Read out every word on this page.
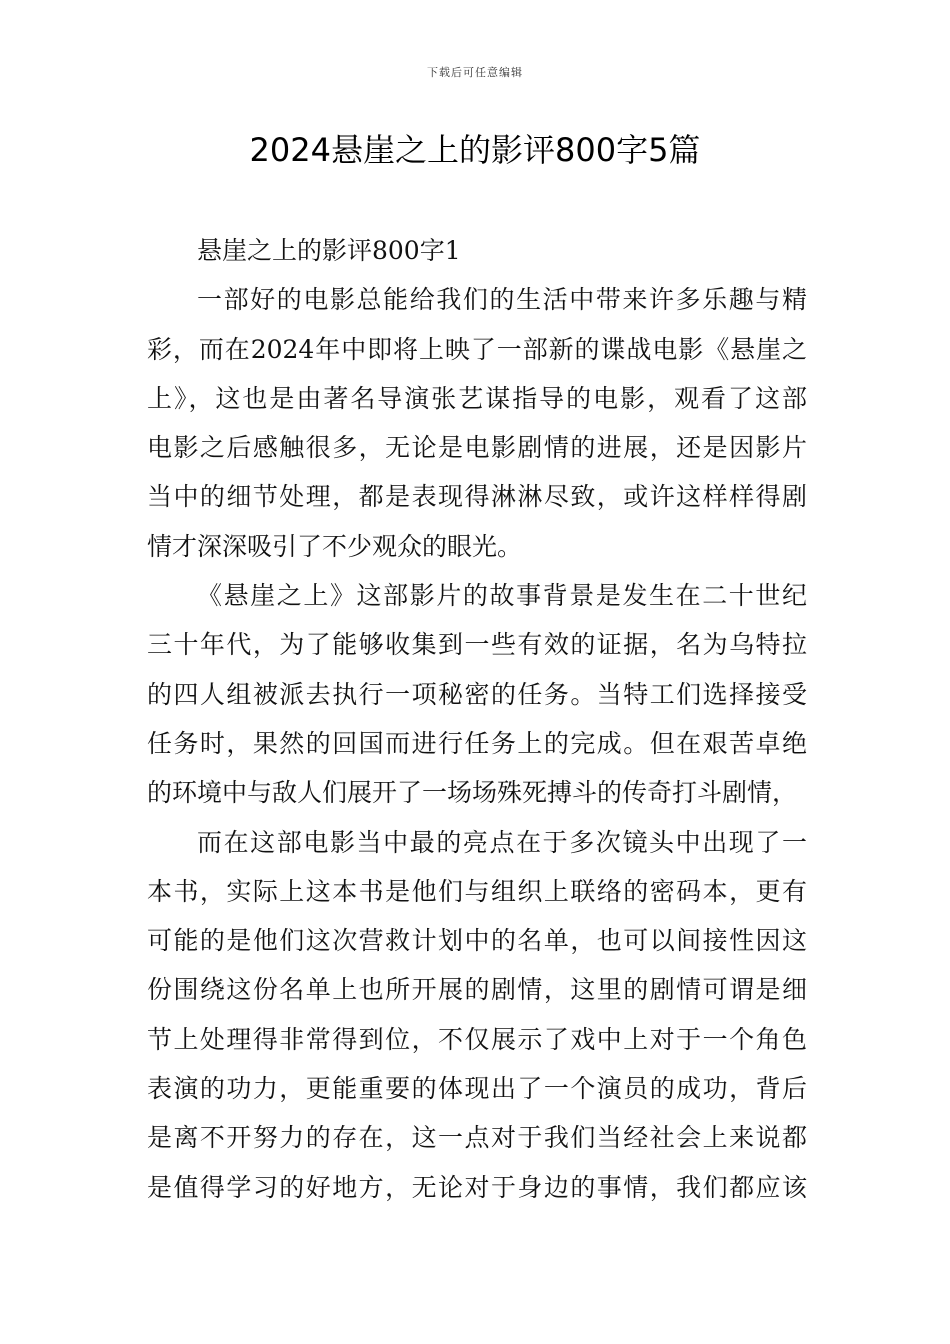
下载后可任意编辑
2024悬崖之上的影评800字5篇
悬崖之上的影评800字1
一部好的电影总能给我们的生活中带来许多乐趣与精
彩，而在2024年中即将上映了一部新的谍战电影《悬崖之
上》，这也是由著名导演张艺谋指导的电影，观看了这部
电影之后感触很多，无论是电影剧情的进展，还是因影片
当中的细节处理，都是表现得淋淋尽致，或许这样样得剧
情才深深吸引了不少观众的眼光。
《悬崖之上》这部影片的故事背景是发生在二十世纪
三十年代，为了能够收集到一些有效的证据，名为乌特拉
的四人组被派去执行一项秘密的任务。当特工们选择接受
任务时，果然的回国而进行任务上的完成。但在艰苦卓绝
的环境中与敌人们展开了一场场殊死搏斗的传奇打斗剧情，
而在这部电影当中最的亮点在于多次镜头中出现了一
本书，实际上这本书是他们与组织上联络的密码本，更有
可能的是他们这次营救计划中的名单，也可以间接性因这
份围绕这份名单上也所开展的剧情，这里的剧情可谓是细
节上处理得非常得到位，不仅展示了戏中上对于一个角色
表演的功力，更能重要的体现出了一个演员的成功，背后
是离不开努力的存在，这一点对于我们当经社会上来说都
是值得学习的好地方，无论对于身边的事情，我们都应该
